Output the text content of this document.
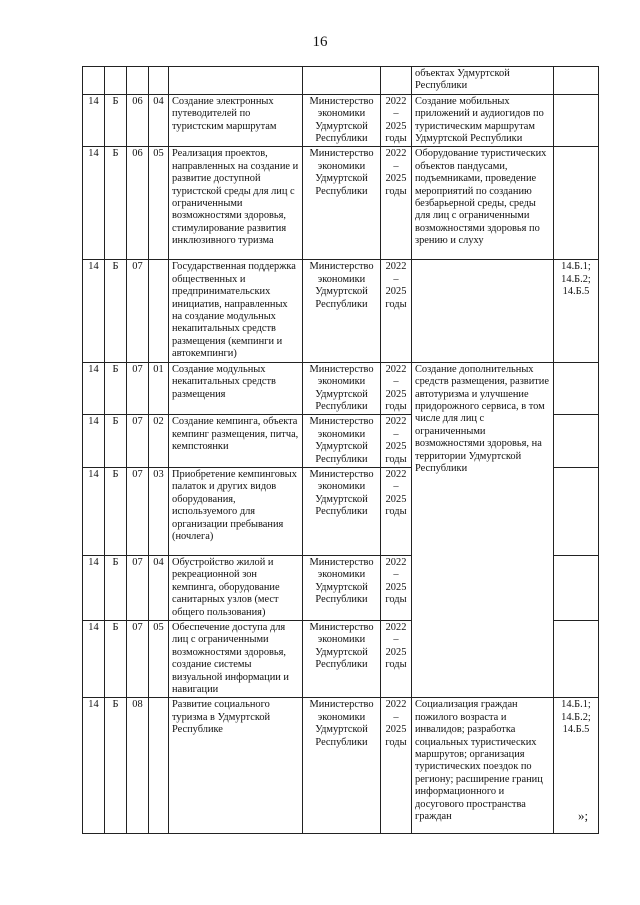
16
							объектах Удмуртской Республики	
14	Б	06	04	Создание электронных путеводителей по туристским маршрутам	Министерство экономики Удмуртской Республики	2022 – 2025 годы	Создание мобильных приложений и аудиогидов по туристическим маршрутам Удмуртской Республики	
14	Б	06	05	Реализация проектов, направленных на создание и развитие доступной туристской среды для лиц с ограниченными возможностями здоровья, стимулирование развития инклюзивного туризма	Министерство экономики Удмуртской Республики	2022 – 2025 годы	Оборудование туристических объектов пандусами, подъемниками, проведение мероприятий по созданию безбарьерной среды, среды для лиц с ограниченными возможностями здоровья по зрению и слуху	
14	Б	07		Государственная поддержка общественных и предпринимательских инициатив, направленных на создание модульных некапитальных средств размещения (кемпинги и автокемпинги)	Министерство экономики Удмуртской Республики	2022 – 2025 годы		14.Б.1; 14.Б.2; 14.Б.5
14	Б	07	01	Создание модульных некапитальных средств размещения	Министерство экономики Удмуртской Республики	2022 – 2025 годы	Создание дополнительных средств размещения, развитие автотуризма и улучшение придорожного сервиса, в том числе для лиц с ограниченными возможностями здоровья, на территории Удмуртской Республики	
14	Б	07	02	Создание кемпинга, объекта кемпинг размещения, питча, кемпстоянки	Министерство экономики Удмуртской Республики	2022 – 2025 годы		
14	Б	07	03	Приобретение кемпинговых палаток и других видов оборудования, используемого для организации пребывания (ночлега)	Министерство экономики Удмуртской Республики	2022 – 2025 годы		
14	Б	07	04	Обустройство жилой и рекреационной зон кемпинга, оборудование санитарных узлов (мест общего пользования)	Министерство экономики Удмуртской Республики	2022 – 2025 годы		
14	Б	07	05	Обеспечение доступа для лиц с ограниченными возможностями здоровья, создание системы визуальной информации и навигации	Министерство экономики Удмуртской Республики	2022 – 2025 годы		
14	Б	08		Развитие социального туризма в Удмуртской Республике	Министерство экономики Удмуртской Республики	2022 – 2025 годы	Социализация граждан пожилого возраста и инвалидов; разработка социальных туристических маршрутов; организация туристических поездок по региону; расширение границ информационного и досугового пространства граждан	14.Б.1; 14.Б.2; 14.Б.5
»;
